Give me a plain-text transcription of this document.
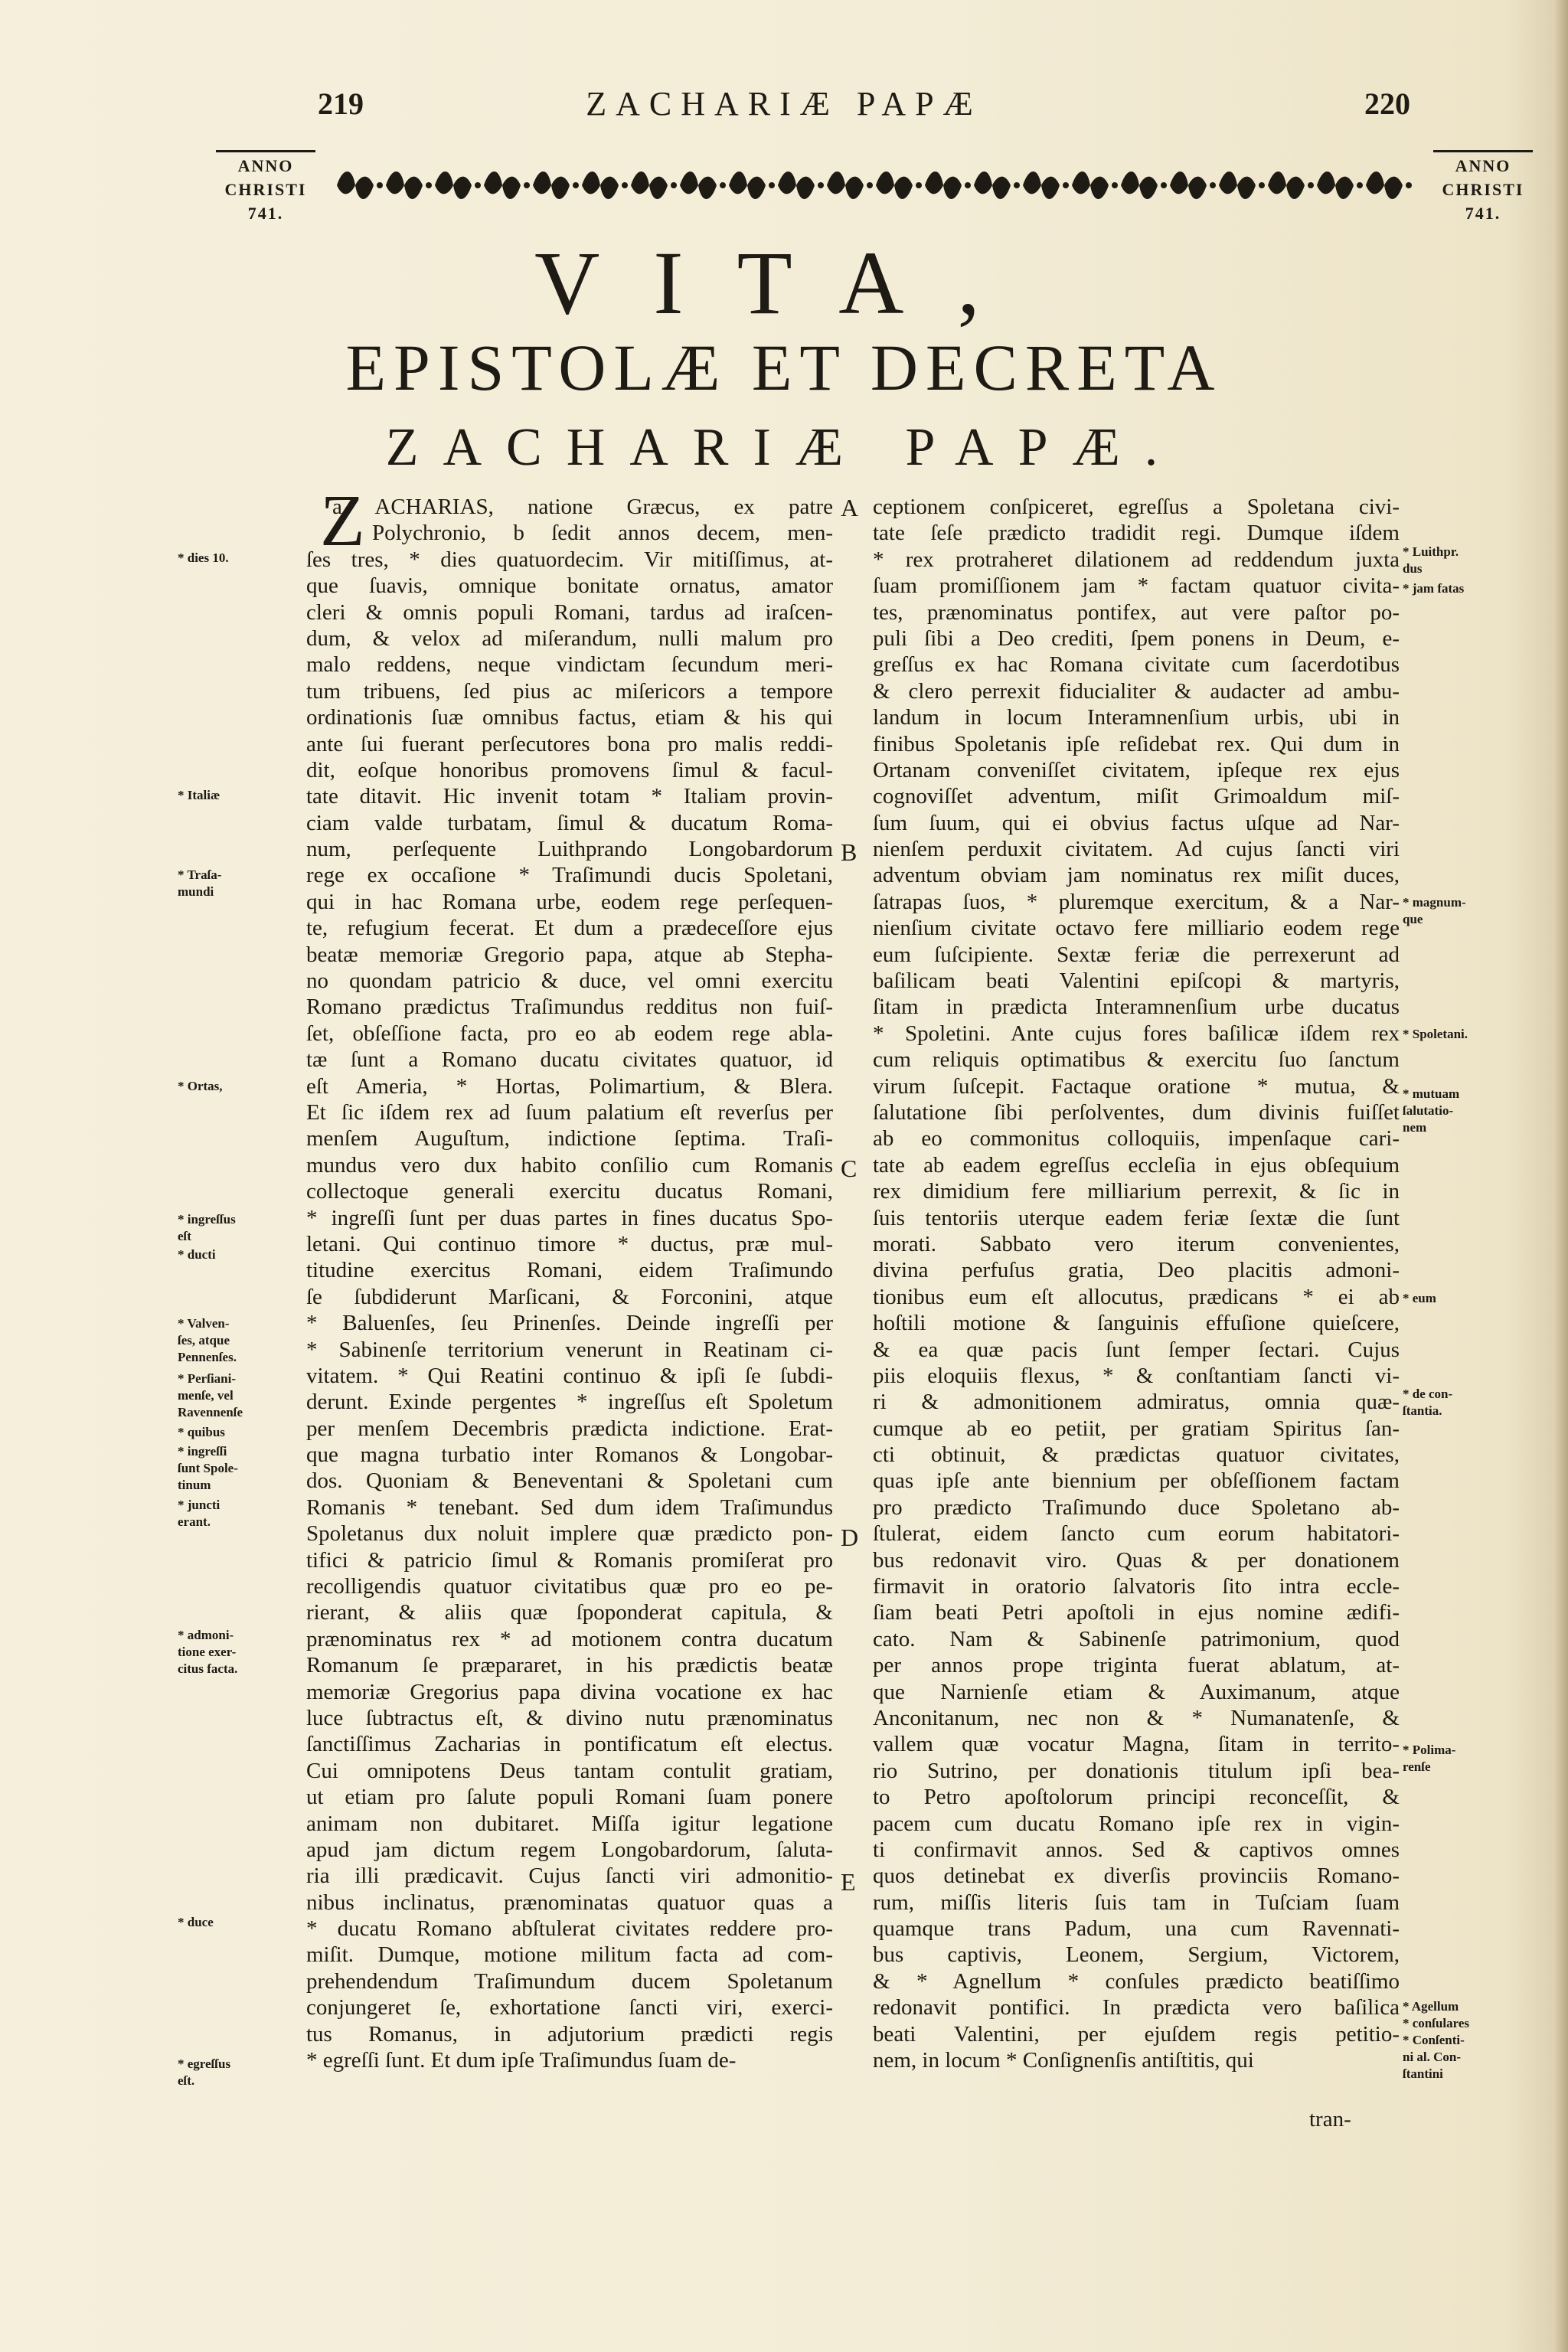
219	ZACHARIÆ PAPÆ	220
ANNO
CHRISTI
741.
ANNO
CHRISTI
741.
VITA,
EPISTOLÆ ET DECRETA
ZACHARIÆ PAPÆ.
Z
a ACHARIAS, natione Græcus, ex patre
Polychronio, b ſedit annos decem, men-
ſes tres, * dies quatuordecim. Vir mitiſſimus, at-
que ſuavis, omnique bonitate ornatus, amator
cleri & omnis populi Romani, tardus ad iraſcen-
dum, & velox ad miſerandum, nulli malum pro
malo reddens, neque vindictam ſecundum meri-
tum tribuens, ſed pius ac miſericors a tempore
ordinationis ſuæ omnibus factus, etiam & his qui
ante ſui fuerant perſecutores bona pro malis reddi-
dit, eoſque honoribus promovens ſimul & facul-
tate ditavit. Hic invenit totam * Italiam provin-
ciam valde turbatam, ſimul & ducatum Roma-
num, perſequente Luithprando Longobardorum
rege ex occaſione * Traſimundi ducis Spoletani,
qui in hac Romana urbe, eodem rege perſequen-
te, refugium fecerat. Et dum a prædeceſſore ejus
beatæ memoriæ Gregorio papa, atque ab Stepha-
no quondam patricio & duce, vel omni exercitu
Romano prædictus Traſimundus redditus non fuiſ-
ſet, obſeſſione facta, pro eo ab eodem rege abla-
tæ ſunt a Romano ducatu civitates quatuor, id
eſt Ameria, * Hortas, Polimartium, & Blera.
Et ſic iſdem rex ad ſuum palatium eſt reverſus per
menſem Auguſtum, indictione ſeptima. Traſi-
mundus vero dux habito conſilio cum Romanis
collectoque generali exercitu ducatus Romani,
* ingreſſi ſunt per duas partes in fines ducatus Spo-
letani. Qui continuo timore * ductus, præ mul-
titudine exercitus Romani, eidem Traſimundo
ſe ſubdiderunt Marſicani, & Forconini, atque
* Baluenſes, ſeu Prinenſes. Deinde ingreſſi per
* Sabinenſe territorium venerunt in Reatinam ci-
vitatem. * Qui Reatini continuo & ipſi ſe ſubdi-
derunt. Exinde pergentes * ingreſſus eſt Spoletum
per menſem Decembris prædicta indictione. Erat-
que magna turbatio inter Romanos & Longobar-
dos. Quoniam & Beneventani & Spoletani cum
Romanis * tenebant. Sed dum idem Traſimundus
Spoletanus dux noluit implere quæ prædicto pon-
tifici & patricio ſimul & Romanis promiſerat pro
recolligendis quatuor civitatibus quæ pro eo pe-
rierant, & aliis quæ ſpoponderat capitula, &
prænominatus rex * ad motionem contra ducatum
Romanum ſe præpararet, in his prædictis beatæ
memoriæ Gregorius papa divina vocatione ex hac
luce ſubtractus eſt, & divino nutu prænominatus
ſanctiſſimus Zacharias in pontificatum eſt electus.
Cui omnipotens Deus tantam contulit gratiam,
ut etiam pro ſalute populi Romani ſuam ponere
animam non dubitaret. Miſſa igitur legatione
apud jam dictum regem Longobardorum, ſaluta-
ria illi prædicavit. Cujus ſancti viri admonitio-
nibus inclinatus, prænominatas quatuor quas a
* ducatu Romano abſtulerat civitates reddere pro-
miſit. Dumque, motione militum facta ad com-
prehendendum Traſimundum ducem Spoletanum
conjungeret ſe, exhortatione ſancti viri, exerci-
tus Romanus, in adjutorium prædicti regis
* egreſſi ſunt. Et dum ipſe Traſimundus ſuam de-
ceptionem conſpiceret, egreſſus a Spoletana civi-
tate ſeſe prædicto tradidit regi. Dumque iſdem
* rex protraheret dilationem ad reddendum juxta
ſuam promiſſionem jam * factam quatuor civita-
tes, prænominatus pontifex, aut vere paſtor po-
puli ſibi a Deo crediti, ſpem ponens in Deum, e-
greſſus ex hac Romana civitate cum ſacerdotibus
& clero perrexit fiducialiter & audacter ad ambu-
landum in locum Interamnenſium urbis, ubi in
finibus Spoletanis ipſe reſidebat rex. Qui dum in
Ortanam conveniſſet civitatem, ipſeque rex ejus
cognoviſſet adventum, miſit Grimoaldum miſ-
ſum ſuum, qui ei obvius factus uſque ad Nar-
nienſem perduxit civitatem. Ad cujus ſancti viri
adventum obviam jam nominatus rex miſit duces,
ſatrapas ſuos, * pluremque exercitum, & a Nar-
nienſium civitate octavo fere milliario eodem rege
eum ſuſcipiente. Sextæ feriæ die perrexerunt ad
baſilicam beati Valentini epiſcopi & martyris,
ſitam in prædicta Interamnenſium urbe ducatus
* Spoletini. Ante cujus fores baſilicæ iſdem rex
cum reliquis optimatibus & exercitu ſuo ſanctum
virum ſuſcepit. Factaque oratione * mutua, &
ſalutatione ſibi perſolventes, dum divinis fuiſſet
ab eo commonitus colloquiis, impenſaque cari-
tate ab eadem egreſſus eccleſia in ejus obſequium
rex dimidium fere milliarium perrexit, & ſic in
ſuis tentoriis uterque eadem feriæ ſextæ die ſunt
morati. Sabbato vero iterum convenientes,
divina perfuſus gratia, Deo placitis admoni-
tionibus eum eſt allocutus, prædicans * ei ab
hoſtili motione & ſanguinis effuſione quieſcere,
& ea quæ pacis ſunt ſemper ſectari. Cujus
piis eloquiis flexus, * & conſtantiam ſancti vi-
ri & admonitionem admiratus, omnia quæ-
cumque ab eo petiit, per gratiam Spiritus ſan-
cti obtinuit, & prædictas quatuor civitates,
quas ipſe ante biennium per obſeſſionem factam
pro prædicto Traſimundo duce Spoletano ab-
ſtulerat, eidem ſancto cum eorum habitatori-
bus redonavit viro. Quas & per donationem
firmavit in oratorio ſalvatoris ſito intra eccle-
ſiam beati Petri apoſtoli in ejus nomine ædifi-
cato. Nam & Sabinenſe patrimonium, quod
per annos prope triginta fuerat ablatum, at-
que Narnienſe etiam & Auximanum, atque
Anconitanum, nec non & * Numanatenſe, &
vallem quæ vocatur Magna, ſitam in territo-
rio Sutrino, per donationis titulum ipſi bea-
to Petro apoſtolorum principi reconceſſit, &
pacem cum ducatu Romano ipſe rex in vigin-
ti confirmavit annos. Sed & captivos omnes
quos detinebat ex diverſis provinciis Romano-
rum, miſſis literis ſuis tam in Tuſciam ſuam
quamque trans Padum, una cum Ravennati-
bus captivis, Leonem, Sergium, Victorem,
& * Agnellum * conſules prædicto beatiſſimo
redonavit pontifici. In prædicta vero baſilica
beati Valentini, per ejuſdem regis petitio-
nem, in locum * Conſignenſis antiſtitis, qui
A
B
C
D
E
* dies 10.
* Italiæ
* Traſa-
mundi
* Ortas,
* ingreſſus
eſt
* ducti
* Valven-
ſes, atque
Pennenſes.
* Perſiani-
menſe, vel
Ravennenſe
* quibus
* ingreſſi
ſunt Spole-
tinum
* juncti
erant.
* admoni-
tione exer-
citus facta.
* duce
* egreſſus
eſt.
* Luithpr.
dus
* jam fatas
* magnum-
que
* Spoletani.
* mutuam
ſalutatio-
nem
* eum
* de con-
ſtantia.
* Polima-
renſe
* Agellum
* conſulares
* Conſenti-
ni al. Con-
ſtantini
tran-
